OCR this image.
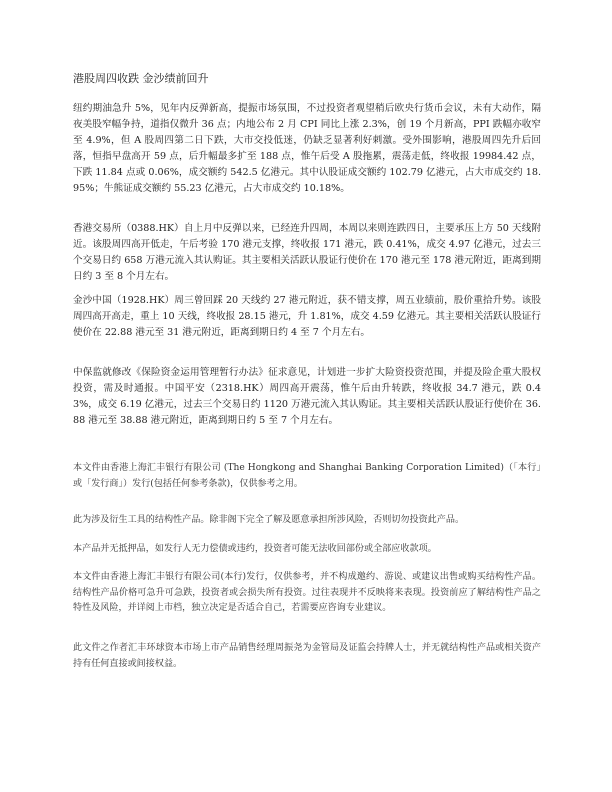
港股周四收跌 金沙绩前回升

纽约期油急升 5%，见年内反弹新高，提振市场氛围，不过投资者观望稍后欧央行货币会议，未有大动作，隔夜美股窄幅争持，道指仅微升 36 点；内地公布 2 月 CPI 同比上涨 2.3%，创 19 个月新高，PPI 跌幅亦收窄至 4.9%，但 A 股周四第二日下跌，大市交投低迷，仍缺乏显著利好刺激。受外围影响，港股周四先升后回落，恒指早盘高开 59 点，后升幅最多扩至 188 点，惟午后受 A 股拖累，震荡走低，终收报 19984.42 点，下跌 11.84 点或 0.06%，成交额约 542.5 亿港元。其中认股证成交额约 102.79 亿港元，占大市成交约 18.95%；牛熊证成交额约 55.23 亿港元，占大市成交约 10.18%。

香港交易所（0388.HK）自上月中反弹以来，已经连升四周，本周以来则连跌四日，主要承压上方 50 天线附近。该股周四高开低走，午后考验 170 港元支撑，终收报 171 港元，跌 0.41%，成交 4.97 亿港元，过去三个交易日约 658 万港元流入其认购证。其主要相关活跃认股证行使价在 170 港元至 178 港元附近，距离到期日约 3 至 8 个月左右。

金沙中国（1928.HK）周三曾回踩 20 天线约 27 港元附近，获不错支撑，周五业绩前，股价重拾升势。该股周四高开高走，重上 10 天线，终收报 28.15 港元，升 1.81%，成交 4.59 亿港元。其主要相关活跃认股证行使价在 22.88 港元至 31 港元附近，距离到期日约 4 至 7 个月左右。

中保监就修改《保险资金运用管理暂行办法》征求意见，计划进一步扩大险资投资范围，并提及险企重大股权投资，需及时通报。中国平安（2318.HK）周四高开震荡，惟午后由升转跌，终收报 34.7 港元，跌 0.43%，成交 6.19 亿港元，过去三个交易日约 1120 万港元流入其认购证。其主要相关活跃认股证行使价在 36.88 港元至 38.88 港元附近，距离到期日约 5 至 7 个月左右。

本文件由香港上海汇丰银行有限公司 (The Hongkong and Shanghai Banking Corporation Limited)（「本行」或「发行商」）发行(包括任何参考条款)，仅供参考之用。

此为涉及衍生工具的结构性产品。除非阁下完全了解及愿意承担所涉风险，否则切勿投资此产品。

本产品并无抵押品，如发行人无力偿债或违约，投资者可能无法收回部份或全部应收款项。

本文件由香港上海汇丰银行有限公司(本行)发行，仅供参考，并不构成邀约、游说、或建议出售或购买结构性产品。结构性产品价格可急升可急跌，投资者或会损失所有投资。过往表现并不反映将来表现。投资前应了解结构性产品之特性及风险，并详阅上市档，独立决定是否适合自己，若需要应咨询专业建议。

此文件之作者汇丰环球资本市场上市产品销售经理周振尧为金管局及证监会持牌人士，并无就结构性产品或相关资产持有任何直接或间接权益。
